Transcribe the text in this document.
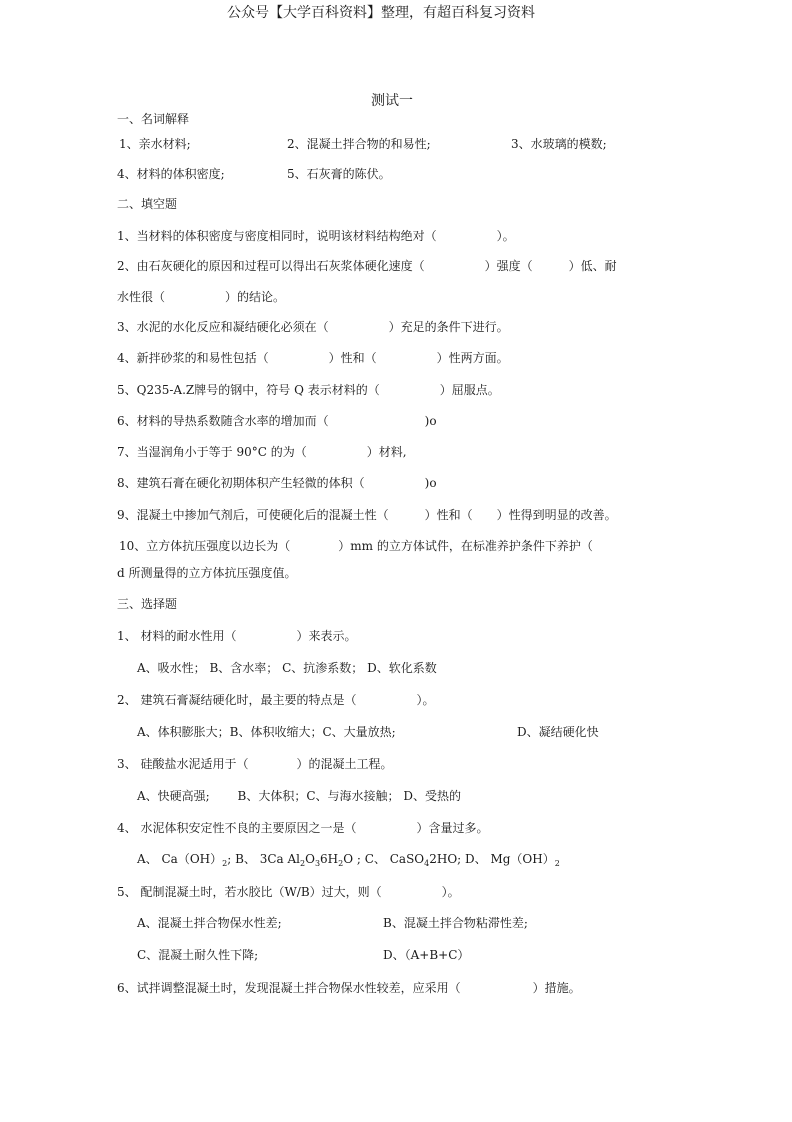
公众号【大学百科资料】整理，有超百科复习资料
测试一
一、名词解释
1、亲水材料;	2、混凝土拌合物的和易性;	3、水玻璃的模数;
4、材料的体积密度;	5、石灰膏的陈伏。
二、填空题
1、当材料的体积密度与密度相同时，说明该材料结构绝对（　　　　　）。
2、由石灰硬化的原因和过程可以得出石灰浆体硬化速度（　　　　　）强度（　　　）低、耐
水性很（　　　　　）的结论。
3、水泥的水化反应和凝结硬化必须在（　　　　　）充足的条件下进行。
4、新拌砂浆的和易性包括（　　　　　）性和（　　　　　）性两方面。
5、Q235-A.Z牌号的钢中，符号 Q 表示材料的（　　　　　）屈服点。
6、材料的导热系数随含水率的增加而（　　　　　　　　)o
7、当湿润角小于等于 90°C 的为（　　　　　）材料,
8、建筑石膏在硬化初期体积产生轻微的体积（　　　　　)o
9、混凝土中掺加气剂后，可使硬化后的混凝土性（　　　）性和（　　）性得到明显的改善。
10、立方体抗压强度以边长为（　　　　）mm 的立方体试件，在标准养护条件下养护（
d 所测量得的立方体抗压强度值。
三、选择题
1、 材料的耐水性用（　　　　　）来表示。
A、吸水性； B、含水率； C、抗渗系数； D、软化系数
2、 建筑石膏凝结硬化时，最主要的特点是（　　　　　）。
A、体积膨胀大；B、体积收缩大；C、大量放热;	D、凝结硬化快
3、 硅酸盐水泥适用于（　　　　）的混凝土工程。
A、快硬高强;　　 B、大体积；C、与海水接触； D、受热的
4、 水泥体积安定性不良的主要原因之一是（　　　　　）含量过多。
A、 $Ca(OH)_2$; B、 3Ca $Al_2O_36H_2O$ ; C、 CaSO$_4$2HO; D、 $Mg(OH)_2$
5、 配制混凝土时，若水胶比（W/B）过大，则（　　　　　）。
A、混凝土拌合物保水性差;	B、混凝土拌合物粘滞性差;
C、混凝土耐久性下降;	D、（A+B+C）
6、试拌调整混凝土时，发现混凝土拌合物保水性较差，应采用（　　　　　　）措施。
